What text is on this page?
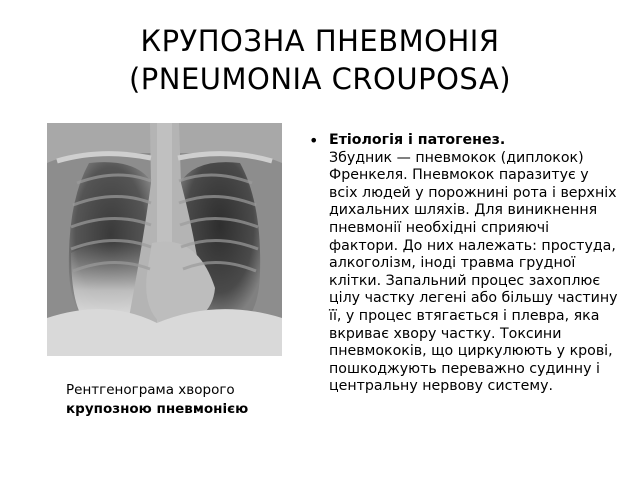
КРУПОЗНА ПНЕВМОНІЯ
(PNEUMONIA CROUPOSA)
Рентгенограма хворого
крупозною пневмонією
• Етіологія і патогенез.
Збудник — пневмокок (диплокок) Френкеля. Пневмокок паразитує у всіх людей у порожнині рота і верхніх дихальних шляхів. Для виникнення пневмонії необхідні сприяючі фактори. До них належать: простуда, алкоголізм, іноді травма грудної клітки. Запальний процес захоплює цілу частку легені або більшу частину її, у процес втягається і плевра, яка вкриває хвору частку. Токсини пневмококів, що циркулюють у крові, пошкоджують переважно судинну і центральну нервову систему.
